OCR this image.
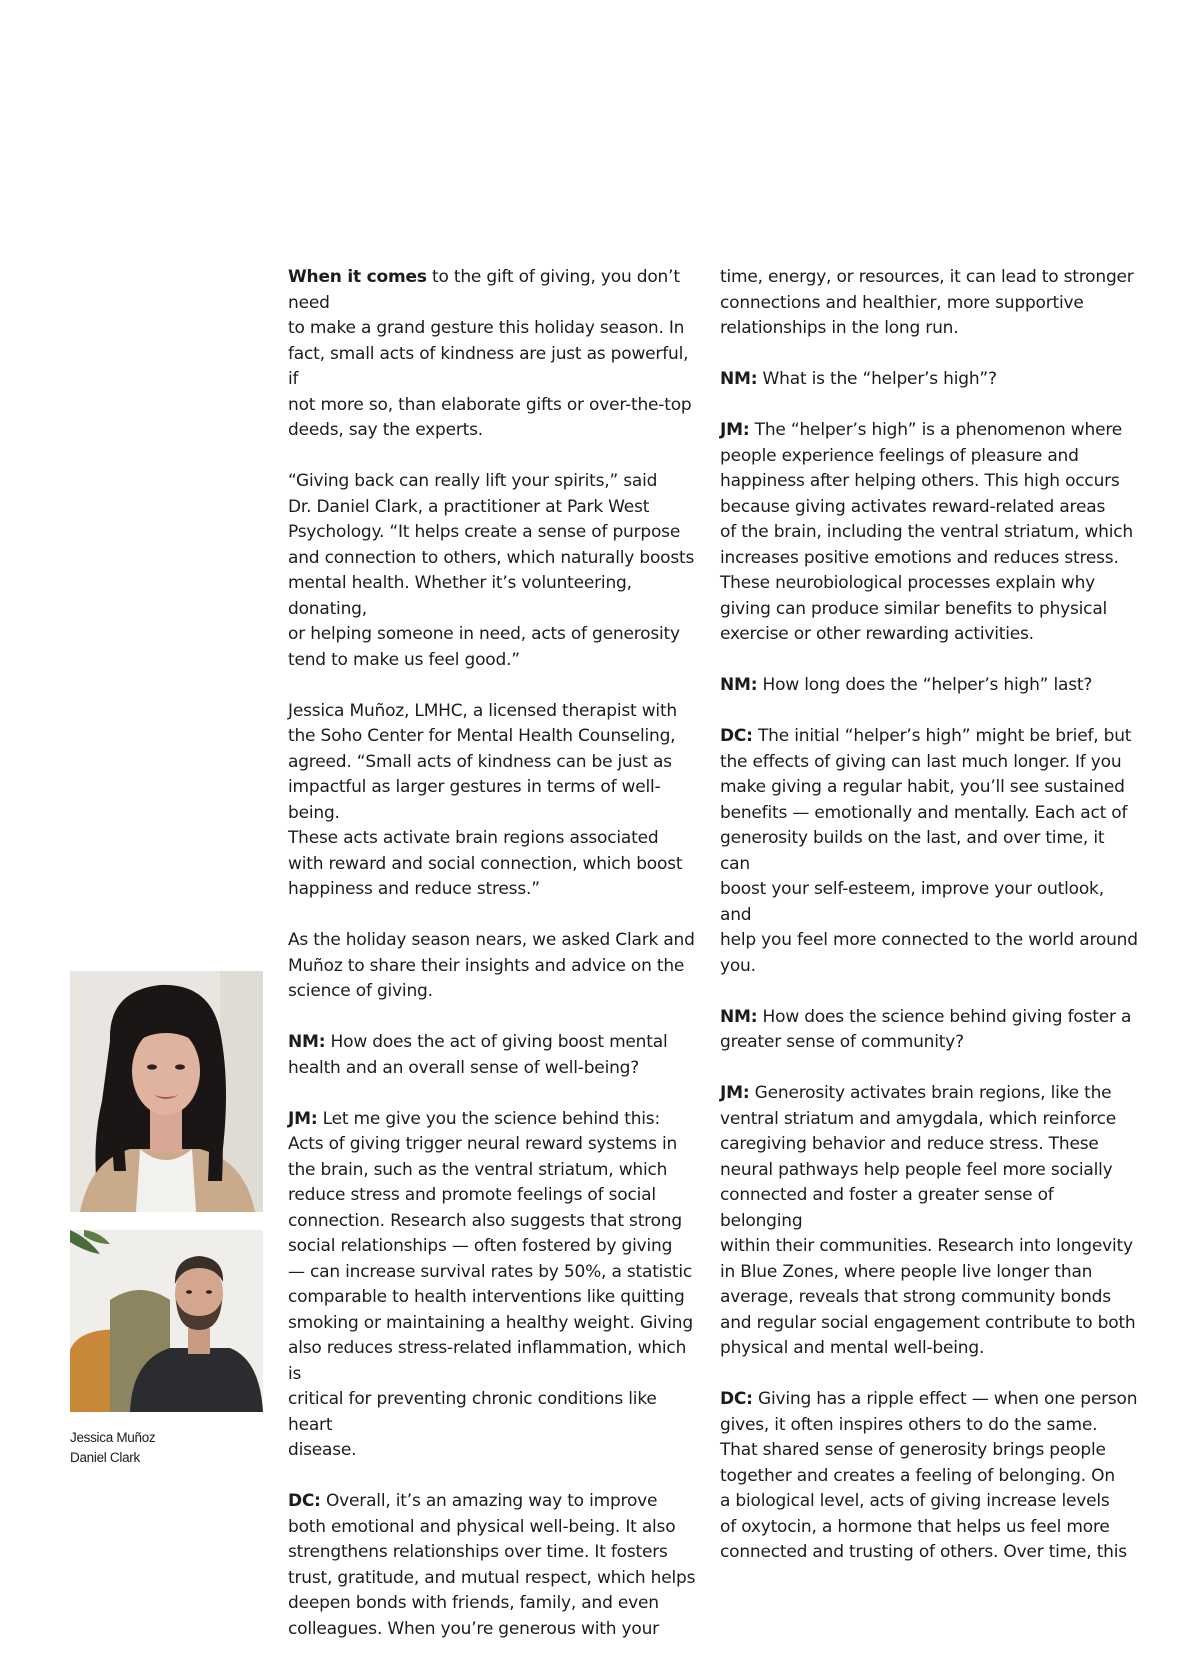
When it comes to the gift of giving, you don’t need
to make a grand gesture this holiday season. In
fact, small acts of kindness are just as powerful, if
not more so, than elaborate gifts or over-the-top
deeds, say the experts.

“Giving back can really lift your spirits,” said
Dr. Daniel Clark, a practitioner at Park West
Psychology. “It helps create a sense of purpose
and connection to others, which naturally boosts
mental health. Whether it’s volunteering, donating,
or helping someone in need, acts of generosity
tend to make us feel good.”

Jessica Muñoz, LMHC, a licensed therapist with
the Soho Center for Mental Health Counseling,
agreed. “Small acts of kindness can be just as
impactful as larger gestures in terms of well-being.
These acts activate brain regions associated
with reward and social connection, which boost
happiness and reduce stress.”

As the holiday season nears, we asked Clark and
Muñoz to share their insights and advice on the
science of giving.

NM: How does the act of giving boost mental
health and an overall sense of well-being?

JM: Let me give you the science behind this:
Acts of giving trigger neural reward systems in
the brain, such as the ventral striatum, which
reduce stress and promote feelings of social
connection. Research also suggests that strong
social relationships — often fostered by giving
— can increase survival rates by 50%, a statistic
comparable to health interventions like quitting
smoking or maintaining a healthy weight. Giving
also reduces stress-related inflammation, which is
critical for preventing chronic conditions like heart
disease.

DC: Overall, it’s an amazing way to improve
both emotional and physical well-being. It also
strengthens relationships over time. It fosters
trust, gratitude, and mutual respect, which helps
deepen bonds with friends, family, and even
colleagues. When you’re generous with your

time, energy, or resources, it can lead to stronger
connections and healthier, more supportive
relationships in the long run.

NM: What is the “helper’s high”?

JM: The “helper’s high” is a phenomenon where
people experience feelings of pleasure and
happiness after helping others. This high occurs
because giving activates reward-related areas
of the brain, including the ventral striatum, which
increases positive emotions and reduces stress.
These neurobiological processes explain why
giving can produce similar benefits to physical
exercise or other rewarding activities.

NM: How long does the “helper’s high” last?

DC: The initial “helper’s high” might be brief, but
the effects of giving can last much longer. If you
make giving a regular habit, you’ll see sustained
benefits — emotionally and mentally. Each act of
generosity builds on the last, and over time, it can
boost your self-esteem, improve your outlook, and
help you feel more connected to the world around
you.

NM: How does the science behind giving foster a
greater sense of community?

JM: Generosity activates brain regions, like the
ventral striatum and amygdala, which reinforce
caregiving behavior and reduce stress. These
neural pathways help people feel more socially
connected and foster a greater sense of belonging
within their communities. Research into longevity
in Blue Zones, where people live longer than
average, reveals that strong community bonds
and regular social engagement contribute to both
physical and mental well-being.

DC: Giving has a ripple effect — when one person
gives, it often inspires others to do the same.
That shared sense of generosity brings people
together and creates a feeling of belonging. On
a biological level, acts of giving increase levels
of oxytocin, a hormone that helps us feel more
connected and trusting of others. Over time, this

Jessica Muñoz
Daniel Clark
